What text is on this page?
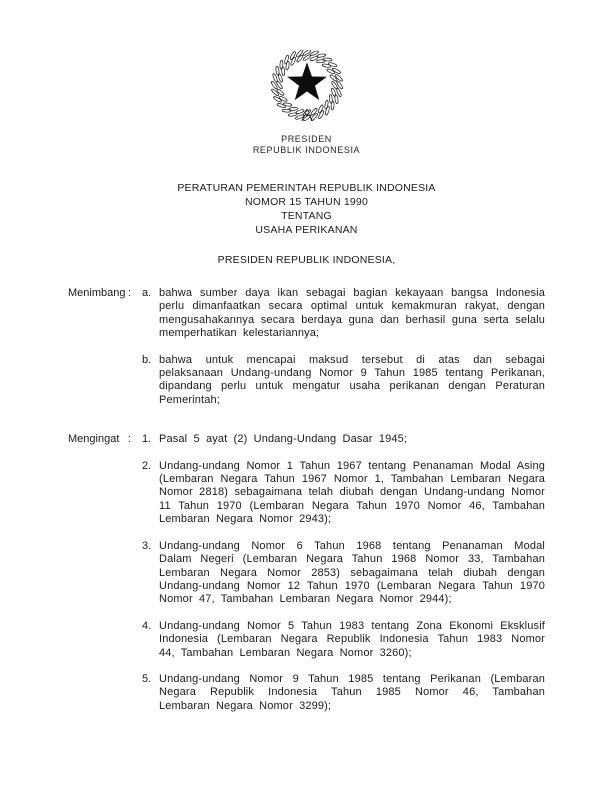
PRESIDEN
REPUBLIK INDONESIA
PERATURAN PEMERINTAH REPUBLIK INDONESIA
NOMOR 15 TAHUN 1990
TENTANG
USAHA PERIKANAN
PRESIDEN REPUBLIK INDONESIA,
Menimbang : a. bahwa sumber daya ikan sebagai bagian kekayaan bangsa Indonesia perlu dimanfaatkan secara optimal untuk kemakmuran rakyat, dengan mengusahakannya secara berdaya guna dan berhasil guna serta selalu memperhatikan kelestariannya;
b. bahwa untuk mencapai maksud tersebut di atas dan sebagai pelaksanaan Undang-undang Nomor 9 Tahun 1985 tentang Perikanan, dipandang perlu untuk mengatur usaha perikanan dengan Peraturan Pemerintah;
Mengingat : 1. Pasal 5 ayat (2) Undang-Undang Dasar 1945;
2. Undang-undang Nomor 1 Tahun 1967 tentang Penanaman Modal Asing (Lembaran Negara Tahun 1967 Nomor 1, Tambahan Lembaran Negara Nomor 2818) sebagaimana telah diubah dengan Undang-undang Nomor 11 Tahun 1970 (Lembaran Negara Tahun 1970 Nomor 46, Tambahan Lembaran Negara Nomor 2943);
3. Undang-undang Nomor 6 Tahun 1968 tentang Penanaman Modal Dalam Negeri (Lembaran Negara Tahun 1968 Nomor 33, Tambahan Lembaran Negara Nomor 2853) sebagaimana telah diubah dengan Undang-undang Nomor 12 Tahun 1970 (Lembaran Negara Tahun 1970 Nomor 47, Tambahan Lembaran Negara Nomor 2944);
4. Undang-undang Nomor 5 Tahun 1983 tentang Zona Ekonomi Eksklusif Indonesia (Lembaran Negara Republik Indonesia Tahun 1983 Nomor 44, Tambahan Lembaran Negara Nomor 3260);
5. Undang-undang Nomor 9 Tahun 1985 tentang Perikanan (Lembaran Negara Republik Indonesia Tahun 1985 Nomor 46, Tambahan Lembaran Negara Nomor 3299);
